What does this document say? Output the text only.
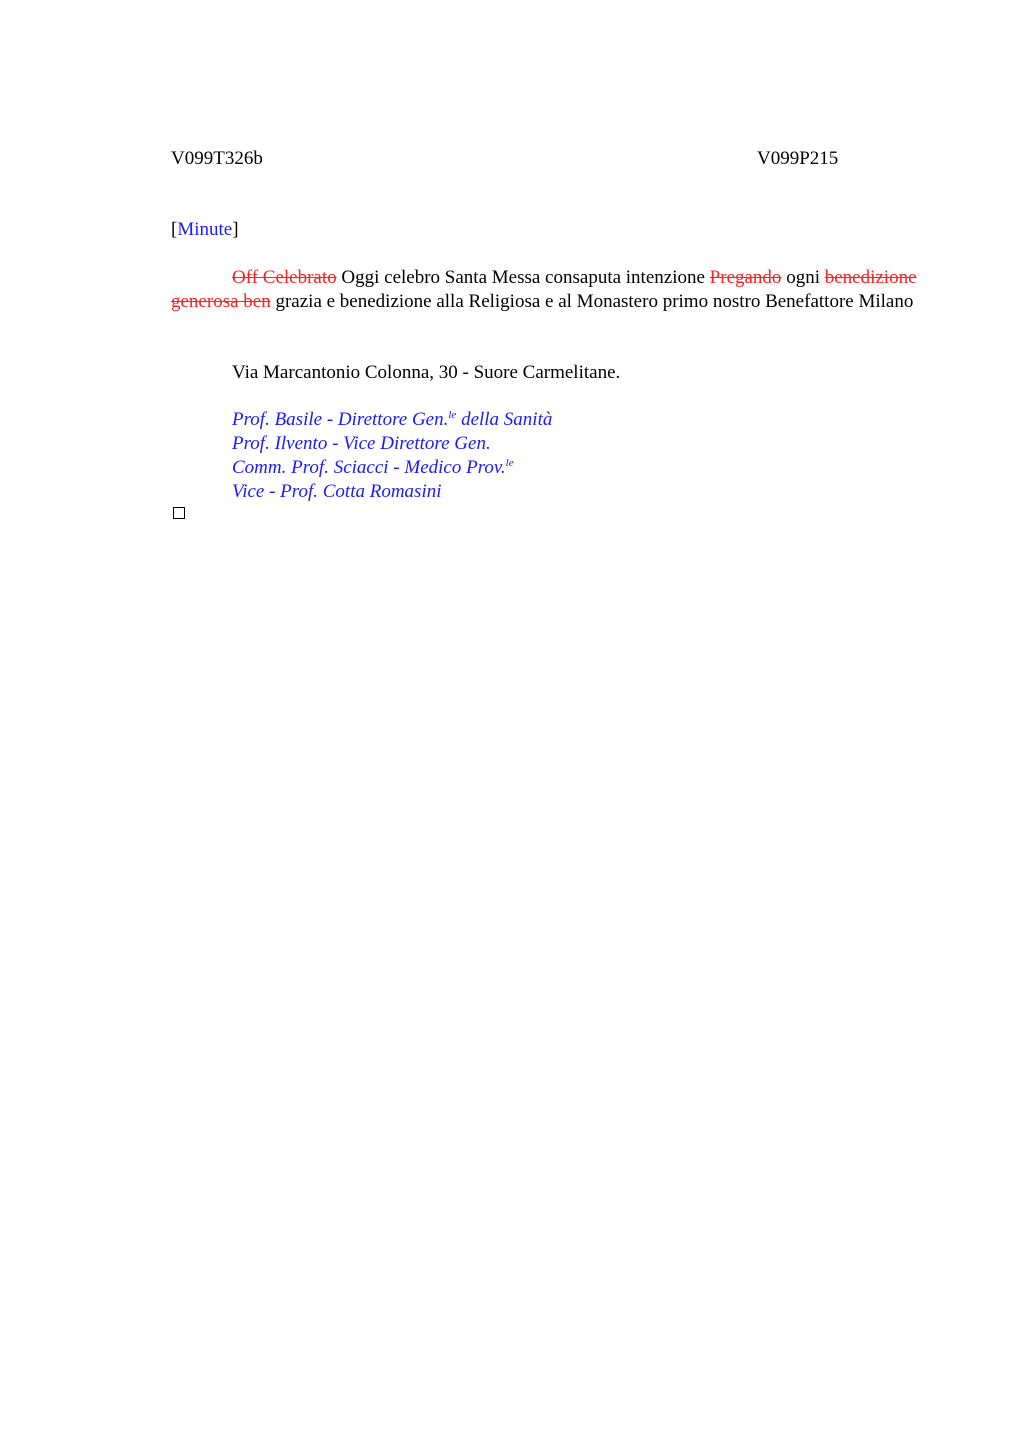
V099T326b	V099P215
[Minute]

Off Celebrato Oggi celebro Santa Messa consaputa intenzione Pregando ogni benedizione generosa ben grazia e benedizione alla Religiosa e al Monastero primo nostro Benefattore Milano

Via Marcantonio Colonna, 30 - Suore Carmelitane.
Prof. Basile - Direttore Gen.$^{le}$ della Sanità
Prof. Ilvento - Vice Direttore Gen.
Comm. Prof. Sciacci - Medico Prov.$^{le}$
Vice - Prof. Cotta Romasini
